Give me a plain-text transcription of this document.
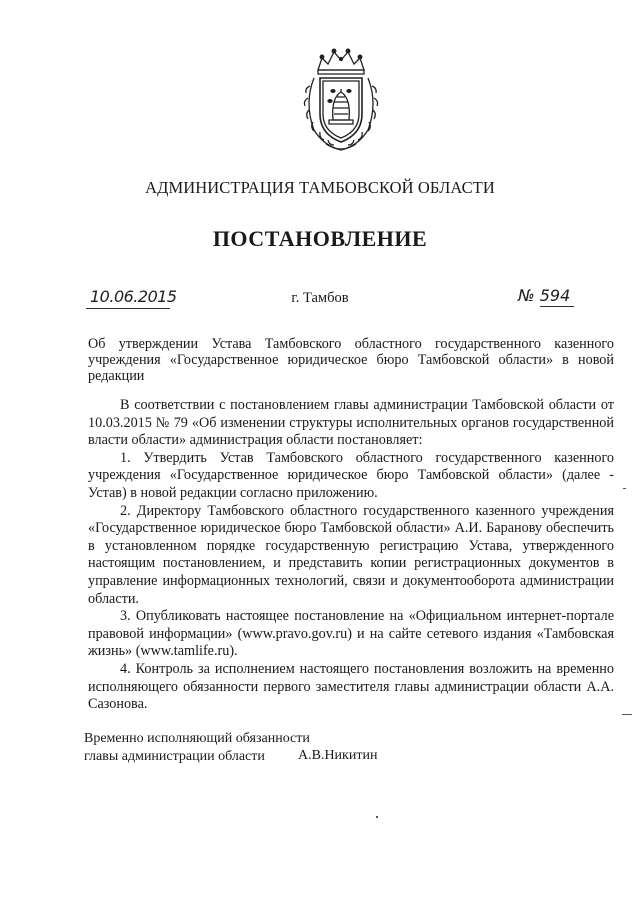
АДМИНИСТРАЦИЯ ТАМБОВСКОЙ ОБЛАСТИ
ПОСТАНОВЛЕНИЕ
10.06.2015	г. Тамбов	№ 594
Об утверждении Устава Тамбовского областного государственного казенного учреждения «Государственное юридическое бюро Тамбовской области» в новой редакции

В соответствии с постановлением главы администрации Тамбовской области от 10.03.2015 № 79 «Об изменении структуры исполнительных органов государственной власти области» администрация области постановляет:

1. Утвердить Устав Тамбовского областного государственного казенного учреждения «Государственное юридическое бюро Тамбовской области» (далее - Устав) в новой редакции согласно приложению.

2. Директору Тамбовского областного государственного казенного учреждения «Государственное юридическое бюро Тамбовской области» А.И. Баранову обеспечить в установленном порядке государственную регистрацию Устава, утвержденного настоящим постановлением, и представить копии регистрационных документов в управление информационных технологий, связи и документооборота администрации области.

3. Опубликовать настоящее постановление на «Официальном интернет-портале правовой информации» (www.pravo.gov.ru) и на сайте сетевого издания «Тамбовская жизнь» (www.tamlife.ru).

4. Контроль за исполнением настоящего постановления возложить на временно исполняющего обязанности первого заместителя главы администрации области А.А. Сазонова.

Временно исполняющий обязанности
главы администрации области	А.В.Никитин
